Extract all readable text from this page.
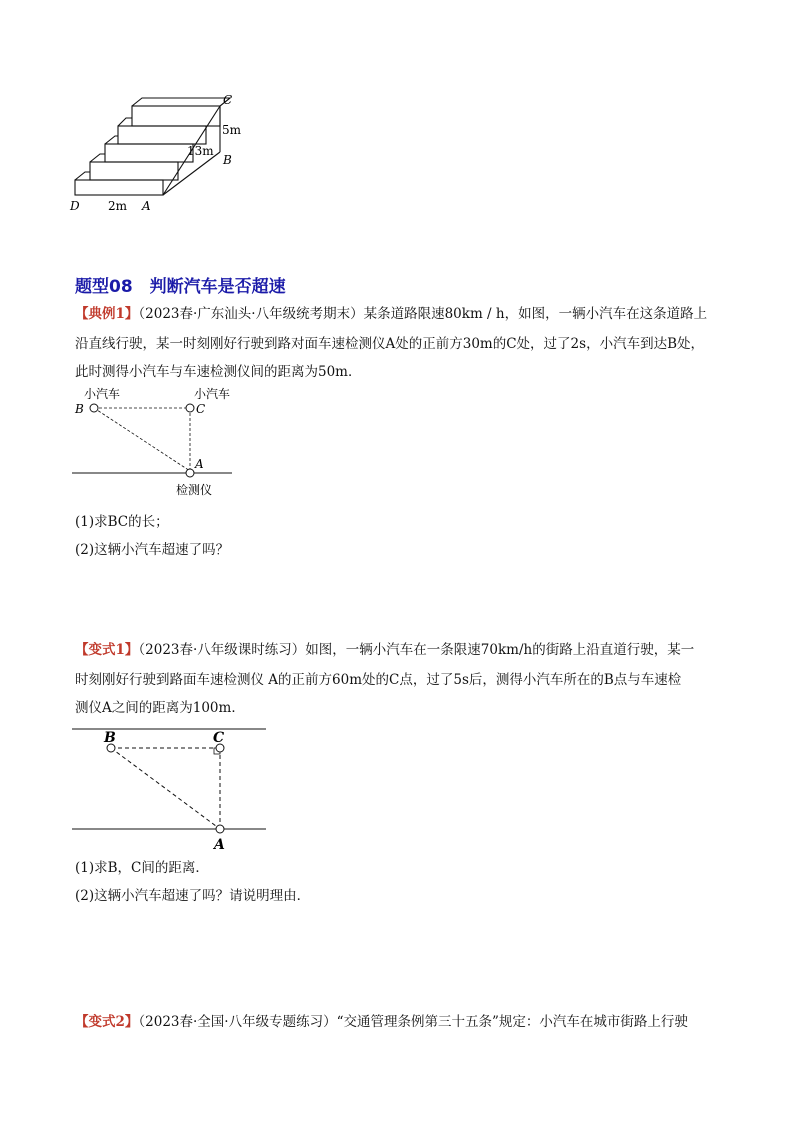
C
5m
13m
B
D 2m A
题型08　判断汽车是否超速
【典例1】（2023春·广东汕头·八年级统考期末）某条道路限速80km / h，如图，一辆小汽车在这条道路上
沿直线行驶，某一时刻刚好行驶到路对面车速检测仪A处的正前方30m的C处，过了2s，小汽车到达B处，
此时测得小汽车与车速检测仪间的距离为50m．
小汽车	小汽车
B	C
A
检测仪
(1)求BC的长；
(2)这辆小汽车超速了吗？
【变式1】（2023春·八年级课时练习）如图，一辆小汽车在一条限速70km/h的街路上沿直道行驶，某一
时刻刚好行驶到路面车速检测仪 A的正前方60m处的C点，过了5s后，测得小汽车所在的B点与车速检
测仪A之间的距离为100m．
B	C
A
(1)求B，C间的距离．
(2)这辆小汽车超速了吗？请说明理由．
【变式2】（2023春·全国·八年级专题练习）“交通管理条例第三十五条”规定：小汽车在城市街路上行驶
